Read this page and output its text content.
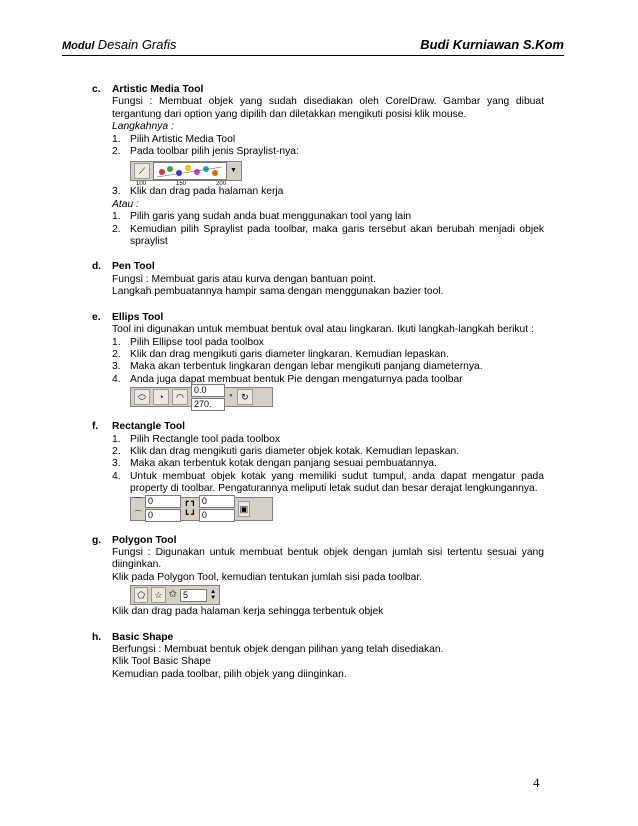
Modul Desain Grafis	Budi Kurniawan S.Kom
c. Artistic Media Tool

Fungsi : Membuat objek yang sudah disediakan oleh CorelDraw. Gambar yang dibuat tergantung dari option yang dipilih dan diletakkan mengikuti posisi klik mouse.

Langkahnya :

1. Pilih Artistic Media Tool
2. Pada toolbar pilih jenis Spraylist-nya:
⟋	▼
100	150	200
3. Klik dan drag pada halaman kerja

Atau :

1. Pilih garis yang sudah anda buat menggunakan tool yang lain
2. Kemudian pilih Spraylist pada toolbar, maka garis tersebut akan berubah menjadi objek spraylist
d. Pen Tool

Fungsi : Membuat garis atau kurva dengan bantuan point.

Langkah pembuatannya hampir sama dengan menggunakan bazier tool.

e. Ellips Tool

Tool ini digunakan untuk membuat bentuk oval atau lingkaran. Ikuti langkah-langkah berikut :

1. Pilih Ellipse tool pada toolbox
2. Klik dan drag mengikuti garis diameter lingkaran. Kemudian lepaskan.
3. Maka akan terbentuk lingkaran dengan lebar mengikuti panjang diameternya.
4. Anda juga dapat membuat bentuk Pie dengan mengaturnya pada toolbar
⬭	◔	◠
0.0
270.
⚬ ↻
f. Rectangle Tool
1. Pilih Rectangle tool pada toolbox
2. Klik dan drag mengikuti garis diameter objek kotak. Kemudian lepaskan.
3. Maka akan terbentuk kotak dengan panjang sesuai pembuatannya.
4. Untuk membuat objek kotak yang memiliki sudut tumpul, anda dapat mengatur pada property di toolbar. Pengaturannya meliputi letak sudut dan besar derajat lengkungannya.
⌒
⌒
0
0
┏ ┓
┗ ┛
0
0
▣
g. Polygon Tool

Fungsi : Digunakan untuk membuat bentuk objek dengan jumlah sisi tertentu sesuai yang diinginkan.

Klik pada Polygon Tool, kemudian tentukan jumlah sisi pada toolbar.

⬠	☆ ✩ 5	▲
▼

Klik dan drag pada halaman kerja sehingga terbentuk objek

h. Basic Shape

Berfungsi : Membuat bentuk objek dengan pilihan yang telah disediakan.

Klik Tool Basic Shape

Kemudian pada toolbar, pilih objek yang diinginkan.

4
